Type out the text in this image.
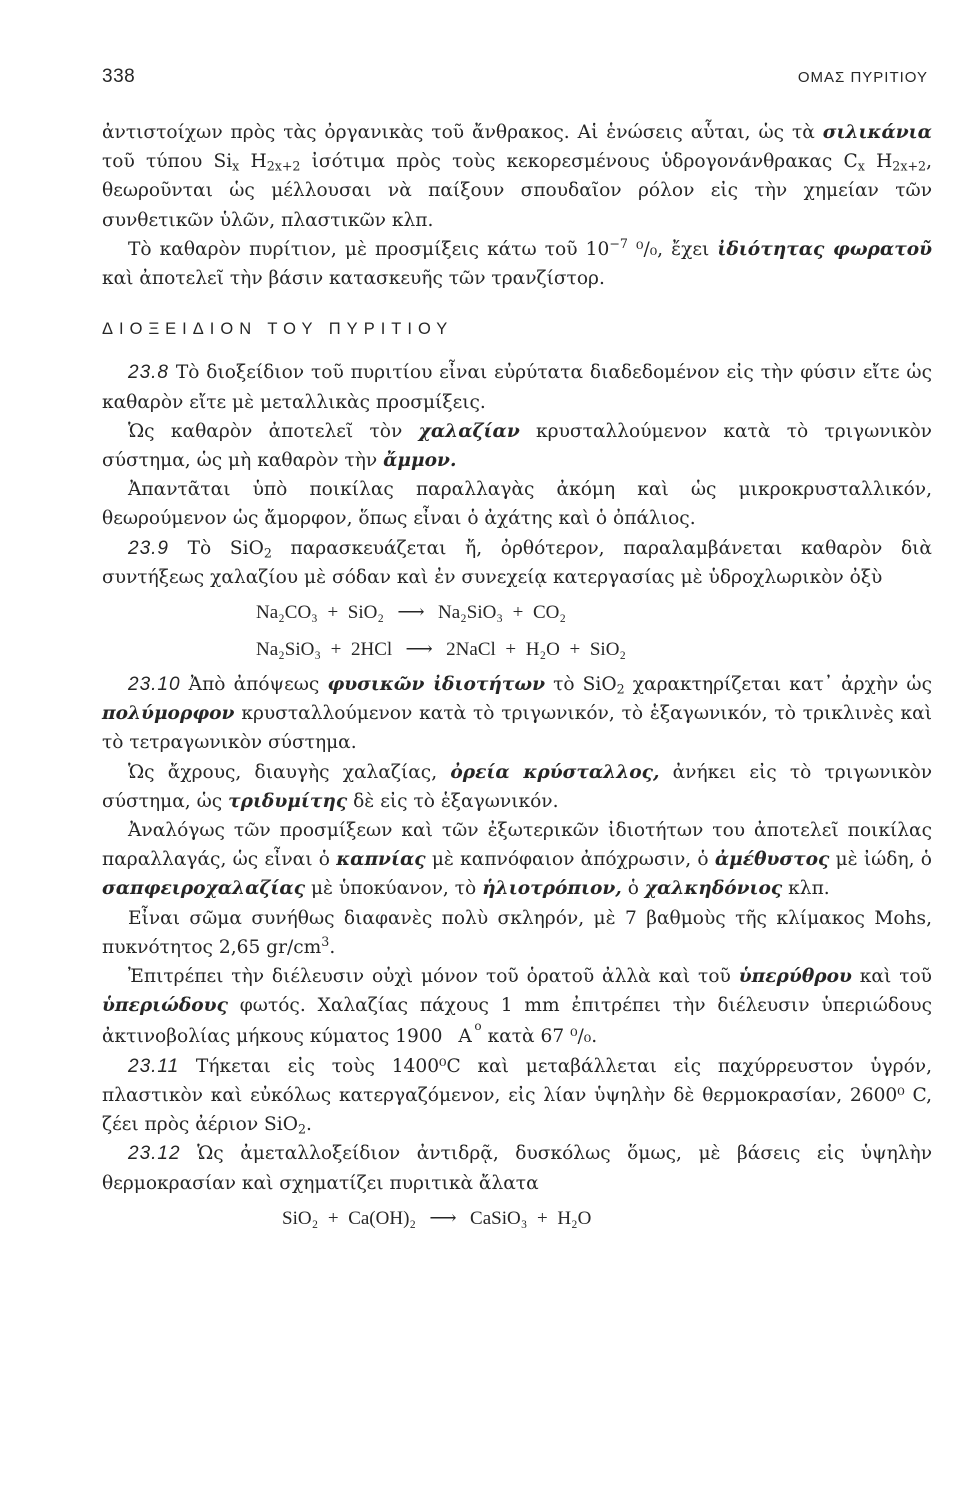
338	ΟΜΑΣ ΠΥΡΙΤΙΟΥ

ἀντιστοίχων πρὸς τὰς ὀργανικὰς τοῦ ἄνθρακος. Αἱ ἑνώσεις αὗται, ὡς τὰ σιλικάνια τοῦ τύπου $Si_x$ $H_{2x+2}$ ἰσότιμα πρὸς τοὺς κεκορεσμένους ὑδρογονάνθρακας $C_x$ $H_{2x+2}$, θεωροῦνται ὡς μέλλουσαι νὰ παίξουν σπουδαῖον ρόλον εἰς τὴν χημείαν τῶν συνθετικῶν ὑλῶν, πλαστικῶν κλπ.

Τὸ καθαρὸν πυρίτιον, μὲ προσμίξεις κάτω τοῦ $10^{-7}$ ⁰/₀, ἔχει ἰδιότητας φωρατοῦ καὶ ἀποτελεῖ τὴν βάσιν κατασκευῆς τῶν τρανζίστορ.

ΔΙΟΞΕΙΔΙΟΝ ΤΟΥ ΠΥΡΙΤΙΟΥ

23.8 Τὸ διοξείδιον τοῦ πυριτίου εἶναι εὐρύτατα διαδεδομένον εἰς τὴν φύσιν εἴτε ὡς καθαρὸν εἴτε μὲ μεταλλικὰς προσμίξεις.

Ὡς καθαρὸν ἀποτελεῖ τὸν χαλαζίαν κρυσταλλούμενον κατὰ τὸ τριγωνικὸν σύστημα, ὡς μὴ καθαρὸν τὴν ἄμμον.

Ἀπαντᾶται ὑπὸ ποικίλας παραλλαγὰς ἀκόμη καὶ ὡς μικροκρυσταλλικόν, θεωρούμενον ὡς ἄμορφον, ὅπως εἶναι ὁ ἀχάτης καὶ ὁ ὀπάλιος.

23.9 Τὸ SiO$_2$ παρασκευάζεται ἤ, ὀρθότερον, παραλαμβάνεται καθαρὸν διὰ συντήξεως χαλαζίου μὲ σόδαν καὶ ἐν συνεχείᾳ κατεργασίας μὲ ὑδροχλωρικὸν ὀξὺ

Na₂CO₃ + SiO₂ ⟶ Na₂SiO₃ + CO₂
Na₂SiO₃ + 2HCl ⟶ 2NaCl + H₂O + SiO₂

23.10 Ἀπὸ ἀπόψεως φυσικῶν ἰδιοτήτων τὸ SiO$_2$ χαρακτηρίζεται κατ᾿ ἀρχὴν ὡς πολύμορφον κρυσταλλούμενον κατὰ τὸ τριγωνικόν, τὸ ἑξαγωνικόν, τὸ τρικλινὲς καὶ τὸ τετραγωνικὸν σύστημα.

Ὡς ἄχρους, διαυγὴς χαλαζίας, ὀρεία κρύσταλλος, ἀνήκει εἰς τὸ τριγωνικὸν σύστημα, ὡς τριδυμίτης δὲ εἰς τὸ ἑξαγωνικόν.

Ἀναλόγως τῶν προσμίξεων καὶ τῶν ἐξωτερικῶν ἰδιοτήτων του ἀποτελεῖ ποικίλας παραλλαγάς, ὡς εἶναι ὁ καπνίας μὲ καπνόφαιον ἀπόχρωσιν, ὁ ἀμέθυστος μὲ ἰώδη, ὁ σαπφειροχαλαζίας μὲ ὑποκύανον, τὸ ἡλιοτρόπιον, ὁ χαλκηδόνιος κλπ.

Εἶναι σῶμα συνήθως διαφανὲς πολὺ σκληρόν, μὲ 7 βαθμοὺς τῆς κλίμακος Mohs, πυκνότητος 2,65 $gr/cm^3$.

Ἐπιτρέπει τὴν διέλευσιν οὐχὶ μόνον τοῦ ὁρατοῦ ἀλλὰ καὶ τοῦ ὑπερύθρου καὶ τοῦ ὑπεριώδους φωτός. Χαλαζίας πάχους 1 mm ἐπιτρέπει τὴν διέλευσιν ὑπεριώδους ἀκτινοβολίας μήκους κύματος 1900	o
A κατὰ 67 ⁰/₀.

23.11 Τήκεται εἰς τοὺς 1400⁰C καὶ μεταβάλλεται εἰς παχύρρευστον ὑγρόν, πλαστικὸν καὶ εὐκόλως κατεργαζόμενον, εἰς λίαν ὑψηλὴν δὲ θερμοκρασίαν, 2600⁰ C, ζέει πρὸς ἀέριον SiO$_2$.

23.12 Ὡς ἀμεταλλοξείδιον ἀντιδρᾷ, δυσκόλως ὅμως, μὲ βάσεις εἰς ὑψηλὴν θερμοκρασίαν καὶ σχηματίζει πυριτικὰ ἄλατα

SiO₂ + Ca(OH)₂ ⟶ CaSiO₃ + H₂O
